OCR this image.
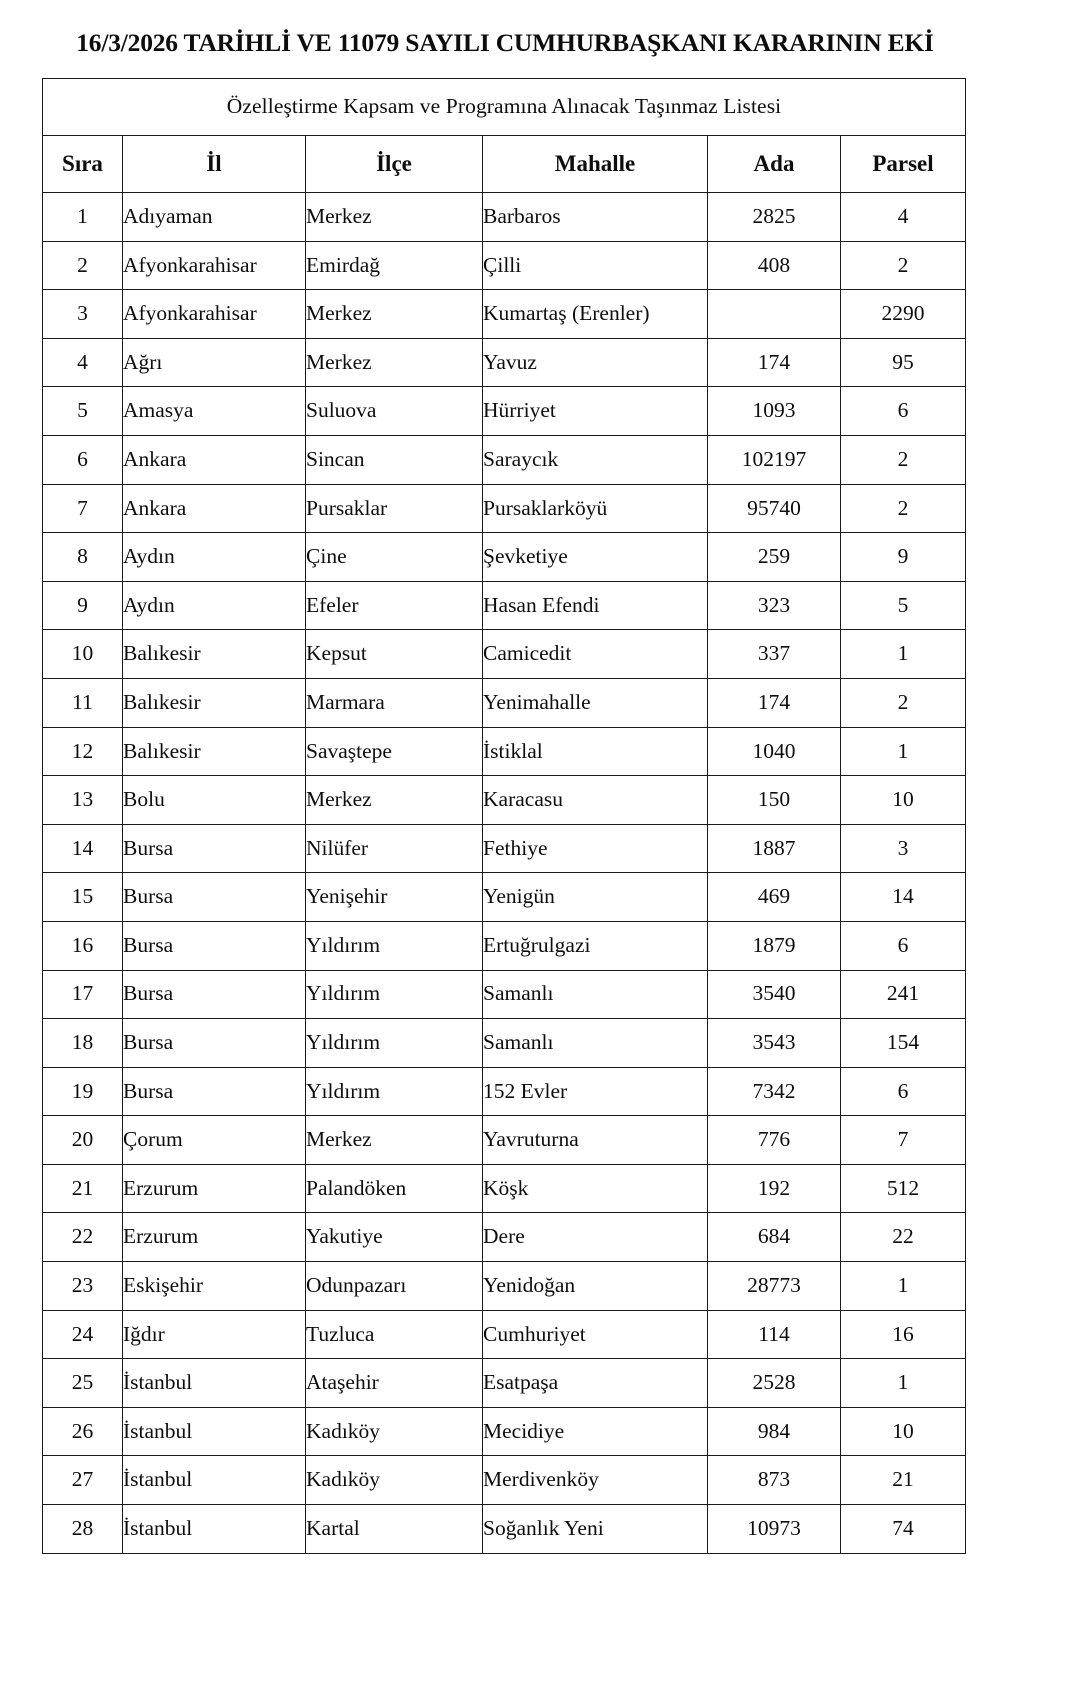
16/3/2026 TARİHLİ VE 11079 SAYILI CUMHURBAŞKANI KARARININ EKİ
Özelleştirme Kapsam ve Programına Alınacak Taşınmaz Listesi					
Sıra	İl	İlçe	Mahalle	Ada	Parsel
1	Adıyaman	Merkez	Barbaros	2825	4
2	Afyonkarahisar	Emirdağ	Çilli	408	2
3	Afyonkarahisar	Merkez	Kumartaş (Erenler)		2290
4	Ağrı	Merkez	Yavuz	174	95
5	Amasya	Suluova	Hürriyet	1093	6
6	Ankara	Sincan	Saraycık	102197	2
7	Ankara	Pursaklar	Pursaklarköyü	95740	2
8	Aydın	Çine	Şevketiye	259	9
9	Aydın	Efeler	Hasan Efendi	323	5
10	Balıkesir	Kepsut	Camicedit	337	1
11	Balıkesir	Marmara	Yenimahalle	174	2
12	Balıkesir	Savaştepe	İstiklal	1040	1
13	Bolu	Merkez	Karacasu	150	10
14	Bursa	Nilüfer	Fethiye	1887	3
15	Bursa	Yenişehir	Yenigün	469	14
16	Bursa	Yıldırım	Ertuğrulgazi	1879	6
17	Bursa	Yıldırım	Samanlı	3540	241
18	Bursa	Yıldırım	Samanlı	3543	154
19	Bursa	Yıldırım	152 Evler	7342	6
20	Çorum	Merkez	Yavruturna	776	7
21	Erzurum	Palandöken	Köşk	192	512
22	Erzurum	Yakutiye	Dere	684	22
23	Eskişehir	Odunpazarı	Yenidoğan	28773	1
24	Iğdır	Tuzluca	Cumhuriyet	114	16
25	İstanbul	Ataşehir	Esatpaşa	2528	1
26	İstanbul	Kadıköy	Mecidiye	984	10
27	İstanbul	Kadıköy	Merdivenköy	873	21
28	İstanbul	Kartal	Soğanlık Yeni	10973	74
